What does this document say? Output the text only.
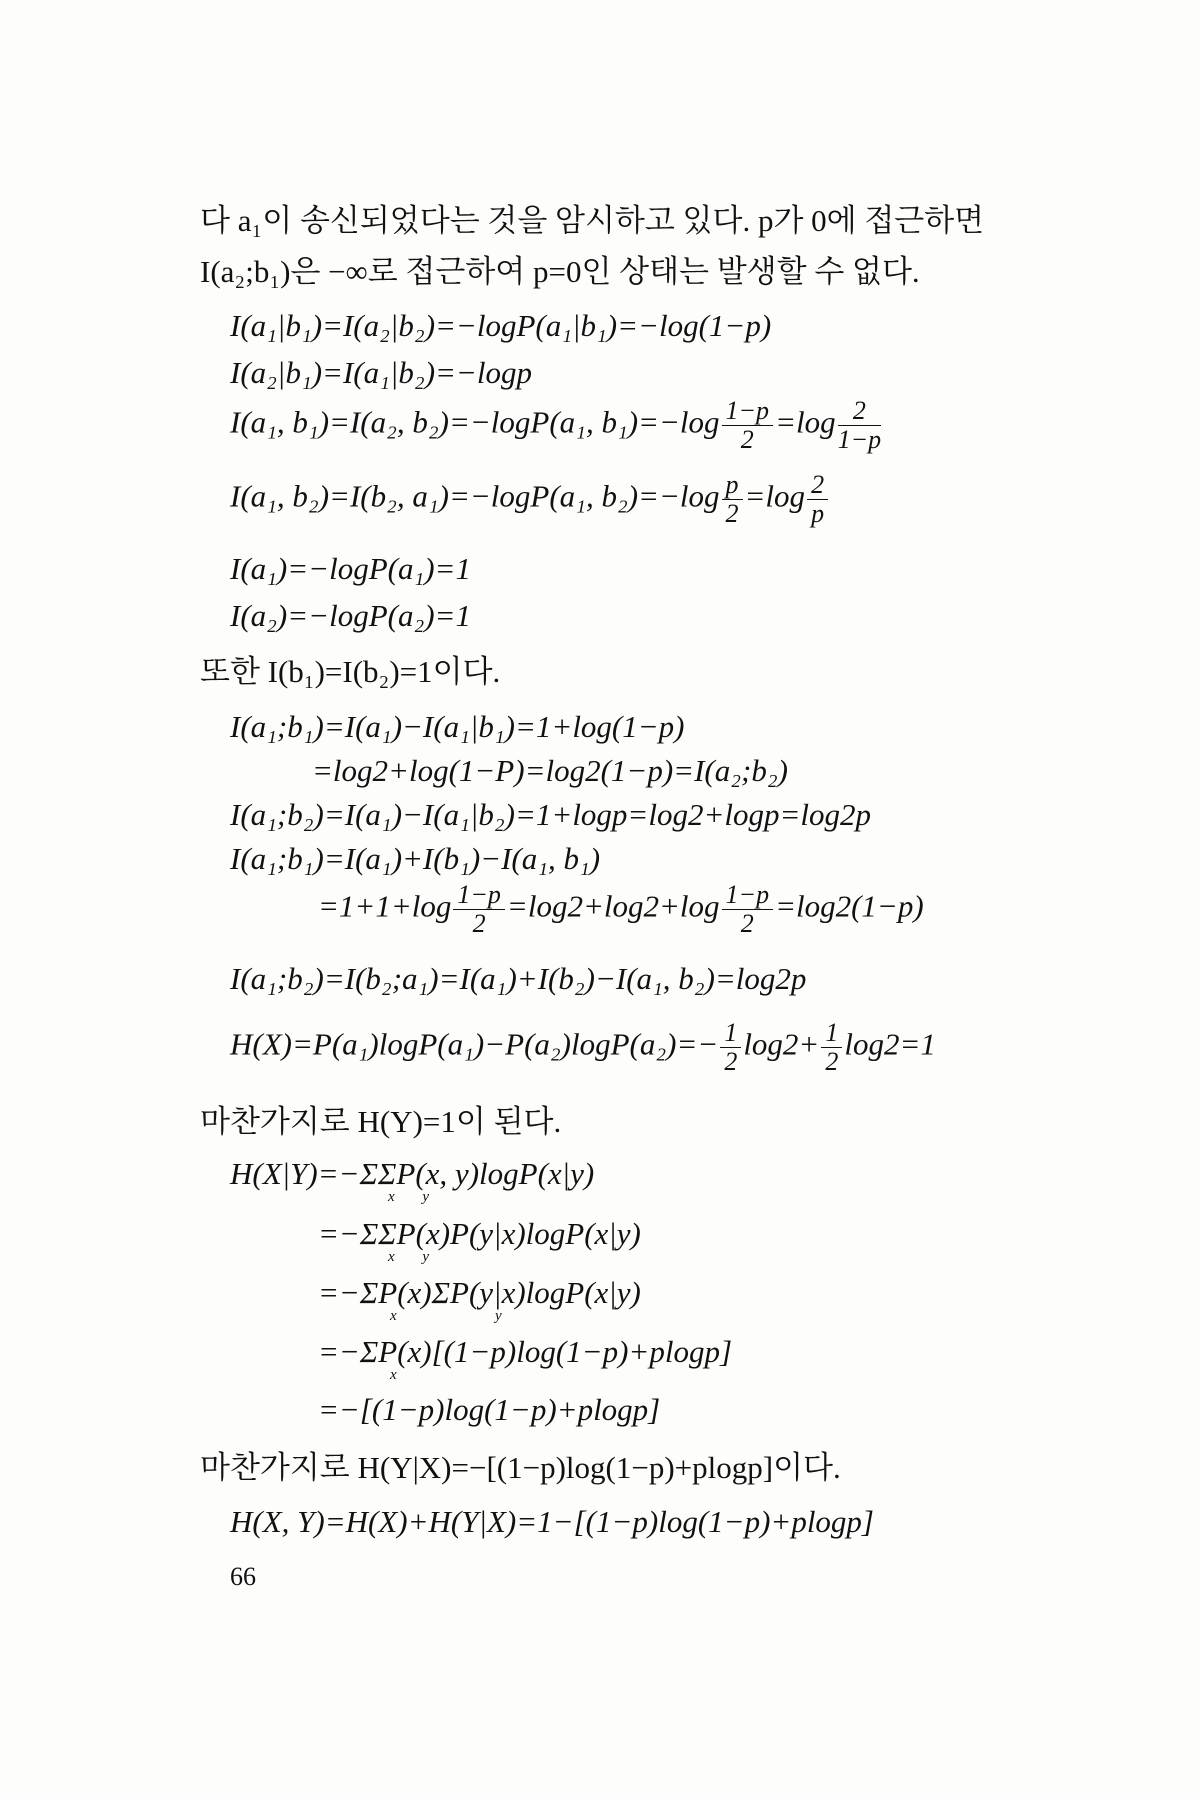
다 a₁이 송신되었다는 것을 암시하고 있다. p가 0에 접근하면
I(a₂;b₁)은 −∞로 접근하여 p=0인 상태는 발생할 수 없다.
I(a₁|b₁)=I(a₂|b₂)=−logP(a₁|b₁)=−log(1−p)
I(a₂|b₁)=I(a₁|b₂)=−logp
I(a₁, b₁)=I(a₂, b₂)=−logP(a₁, $b_1)=-\log \frac{1-p}{2} =\log \frac{2}{1-p}$
I(a₁, b₂)=I(b₂, a₁)=−logP(a₁, $b_2)=-\log \frac{p}{2} =\log \frac{2}{p}$
I(a₁)=−logP(a₁)=1
I(a₂)=−logP(a₂)=1
또한 I(b₁)=I(b₂)=1이다.
I(a₁;b₁)=I(a₁)−I(a₁|b₁)=1+log(1−p)
=log2+log(1−P)=log2(1−p)=I(a₂;b₂)
I(a₁;b₂)=I(a₁)−I(a₁|b₂)=1+logp=log2+logp=log2p
I(a₁;b₁)=I(a₁)+I(b₁)−I(a₁, b₁)
$=1+1+\log \frac{1-p}{2} =\log 2+\log 2+\log \frac{1-p}{2} =\log 2(1-p)$
I(a₁;b₂)=I(b₂;a₁)=I(a₁)+I(b₂)−I(a₁, b₂)=log2p
$H(X)=P(a_1)\log P(a_1)-P(a_2)\log P(a_2)=- \frac{1}{2} \log 2+ \frac{1}{2} \log 2=1$
마찬가지로 H(Y)=1이 된다.
H(X|Y)=−ΣΣP(x, y)logP(x|y)
x y
=−ΣΣP(x)P(y|x)logP(x|y)
x y
=−ΣP(x)ΣP(y|x)logP(x|y)
x	y
=−ΣP(x)[(1−p)log(1−p)+plogp]
x
=−[(1−p)log(1−p)+plogp]
마찬가지로 H(Y|X)=−[(1−p)log(1−p)+plogp]이다.
H(X, Y)=H(X)+H(Y|X)=1−[(1−p)log(1−p)+plogp]
66
